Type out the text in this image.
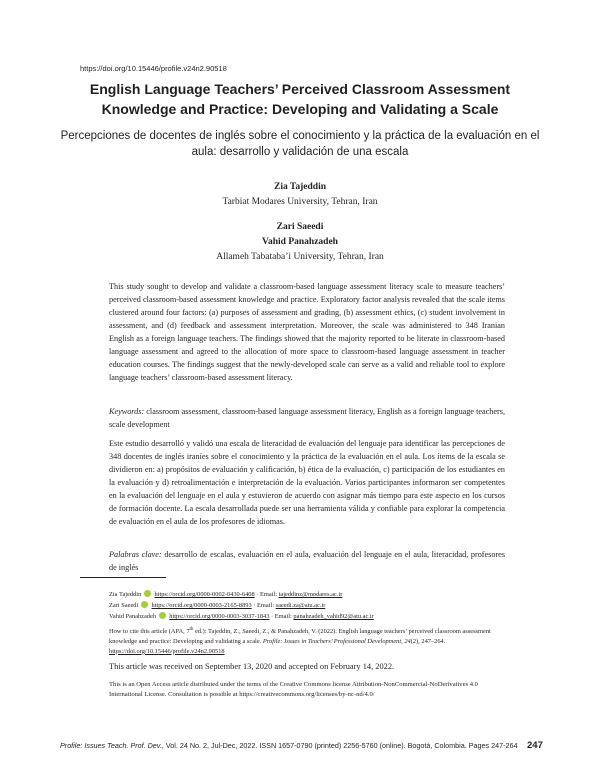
https://doi.org/10.15446/profile.v24n2.90518
English Language Teachers’ Perceived Classroom Assessment Knowledge and Practice: Developing and Validating a Scale
Percepciones de docentes de inglés sobre el conocimiento y la práctica de la evaluación en el aula: desarrollo y validación de una escala
Zia Tajeddin
Tarbiat Modares University, Tehran, Iran
Zari Saeedi
Vahid Panahzadeh
Allameh Tabataba’i University, Tehran, Iran
This study sought to develop and validate a classroom-based language assessment literacy scale to measure teachers’ perceived classroom-based assessment knowledge and practice. Exploratory factor analysis revealed that the scale items clustered around four factors: (a) purposes of assessment and grading, (b) assessment ethics, (c) student involvement in assessment, and (d) feedback and assessment interpretation. Moreover, the scale was administered to 348 Iranian English as a foreign language teachers. The findings showed that the majority reported to be literate in classroom-based language assessment and agreed to the allocation of more space to classroom-based language assessment in teacher education courses. The findings suggest that the newly-developed scale can serve as a valid and reliable tool to explore language teachers’ classroom-based assessment literacy.
Keywords: classroom assessment, classroom-based language assessment literacy, English as a foreign language teachers, scale development
Este estudio desarrolló y validó una escala de literacidad de evaluación del lenguaje para identificar las percepciones de 348 docentes de inglés iraníes sobre el conocimiento y la práctica de la evaluación en el aula. Los ítems de la escala se dividieron en: a) propósitos de evaluación y calificación, b) ética de la evaluación, c) participación de los estudiantes en la evaluación y d) retroalimentación e interpretación de la evaluación. Varios participantes informaron ser competentes en la evaluación del lenguaje en el aula y estuvieron de acuerdo con asignar más tiempo para este aspecto en los cursos de formación docente. La escala desarrollada puede ser una herramienta válida y confiable para explorar la competencia de evaluación en el aula de los profesores de idiomas.
Palabras clave: desarrollo de escalas, evaluación en el aula, evaluación del lenguaje en el aula, literacidad, profesores de inglés
Zia Tajeddin https://orcid.org/0000-0002-0430-6408 · Email: tajeddinz@modares.ac.ir
Zari Saeedi https://orcid.org/0000-0003-2165-8893 · Email: saeedi.za@atu.ac.ir
Vahid Panahzadeh https://orcid.org/0000-0003-3037-1843 · Email: panahzadeh_vahid92@atu.ac.ir
How to cite this article (APA, 7th ed.): Tajeddin, Z., Saeedi, Z., & Panahzadeh, V. (2022). English language teachers’ perceived classroom assessment knowledge and practice: Developing and validating a scale. Profile: Issues in Teachers’ Professional Development, 24(2), 247–264. https://doi.org/10.15446/profile.v24n2.90518
This article was received on September 13, 2020 and accepted on February 14, 2022.
This is an Open Access article distributed under the terms of the Creative Commons license Attribution-NonCommercial-NoDerivatives 4.0 International License. Consultation is possible at https://creativecommons.org/licenses/by-nc-nd/4.0/
Profile: Issues Teach. Prof. Dev., Vol. 24 No. 2, Jul-Dec, 2022. ISSN 1657-0790 (printed) 2256-5760 (online). Bogotá, Colombia. Pages 247-264 247
